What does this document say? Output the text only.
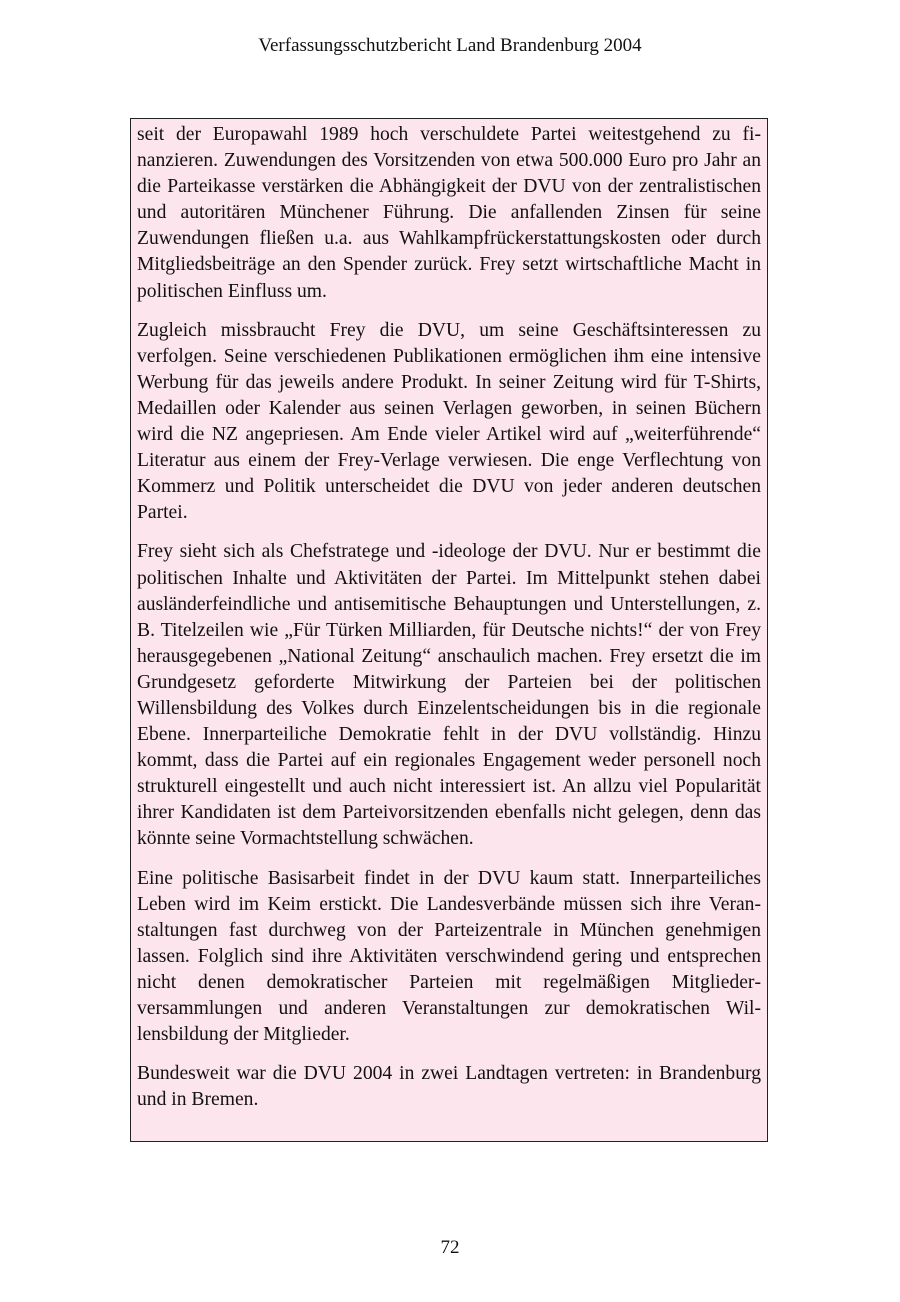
Verfassungsschutzbericht Land Brandenburg 2004

seit der Europawahl 1989 hoch verschuldete Partei weitestgehend zu finanzieren. Zuwendungen des Vorsitzenden von etwa 500.000 Euro pro Jahr an die Parteikasse verstärken die Abhängigkeit der DVU von der zentralistischen und autoritären Münchener Führung. Die anfallenden Zinsen für seine Zuwendungen fließen u.a. aus Wahlkampfrückerstattungskosten oder durch Mitgliedsbeiträge an den Spender zurück. Frey setzt wirtschaftliche Macht in politischen Einfluss um.

Zugleich missbraucht Frey die DVU, um seine Geschäftsinteressen zu verfolgen. Seine verschiedenen Publikationen ermöglichen ihm eine intensive Werbung für das jeweils andere Produkt. In seiner Zeitung wird für T-Shirts, Medaillen oder Kalender aus seinen Verlagen geworben, in seinen Büchern wird die NZ angepriesen. Am Ende vieler Artikel wird auf „weiterführende“ Literatur aus einem der Frey-Verlage verwiesen. Die enge Verflechtung von Kommerz und Politik unterscheidet die DVU von jeder anderen deutschen Partei.

Frey sieht sich als Chefstratege und -ideologe der DVU. Nur er bestimmt die politischen Inhalte und Aktivitäten der Partei. Im Mittelpunkt stehen dabei ausländerfeindliche und antisemitische Behauptungen und Unterstellungen, z. B. Titelzeilen wie „Für Türken Milliarden, für Deutsche nichts!“ der von Frey herausgegebenen „National Zeitung“ anschaulich machen. Frey ersetzt die im Grundgesetz geforderte Mitwirkung der Parteien bei der politischen Willensbildung des Volkes durch Einzelentscheidungen bis in die regionale Ebene. Innerparteiliche Demokratie fehlt in der DVU vollständig. Hinzu kommt, dass die Partei auf ein regionales Engagement weder personell noch strukturell eingestellt und auch nicht interessiert ist. An allzu viel Popularität ihrer Kandidaten ist dem Parteivorsitzenden ebenfalls nicht gelegen, denn das könnte seine Vormachtstellung schwächen.

Eine politische Basisarbeit findet in der DVU kaum statt. Innerparteiliches Leben wird im Keim erstickt. Die Landesverbände müssen sich ihre Veranstaltungen fast durchweg von der Parteizentrale in München genehmigen lassen. Folglich sind ihre Aktivitäten verschwindend gering und entsprechen nicht denen demokratischer Parteien mit regelmäßigen Mitgliederversammlungen und anderen Veranstaltungen zur demokratischen Willensbildung der Mitglieder.

Bundesweit war die DVU 2004 in zwei Landtagen vertreten: in Brandenburg und in Bremen.

72
